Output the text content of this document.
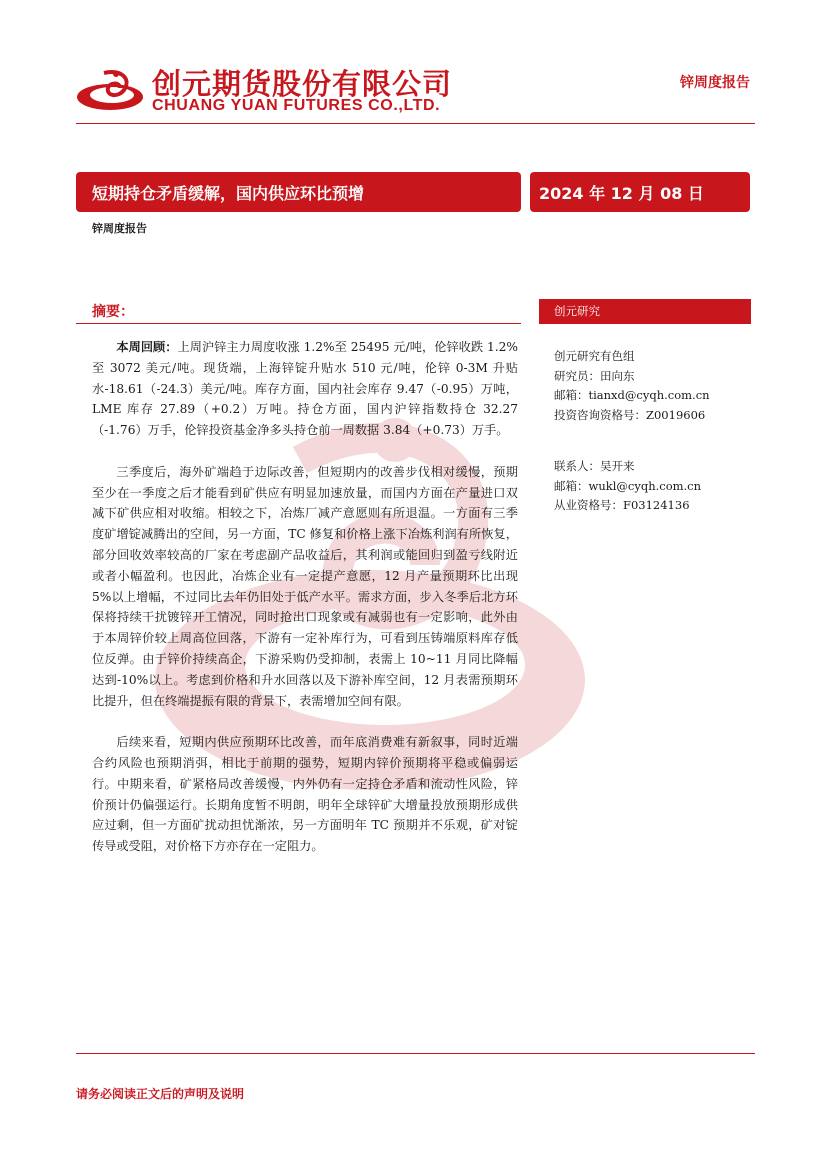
创元期货股份有限公司
CHUANG YUAN FUTURES CO.,LTD.
锌周度报告
短期持仓矛盾缓解，国内供应环比预增	2024 年 12 月 08 日
锌周度报告
摘要：

本周回顾：上周沪锌主力周度收涨 1.2%至 25495 元/吨，伦锌收跌 1.2%至 3072 美元/吨。现货端，上海锌锭升贴水 510 元/吨，伦锌 0-3M 升贴水-18.61（-24.3）美元/吨。库存方面，国内社会库存 9.47（-0.95）万吨，LME 库存 27.89（+0.2）万吨。持仓方面，国内沪锌指数持仓 32.27（-1.76）万手，伦锌投资基金净多头持仓前一周数据 3.84（+0.73）万手。

三季度后，海外矿端趋于边际改善，但短期内的改善步伐相对缓慢，预期至少在一季度之后才能看到矿供应有明显加速放量，而国内方面在产量进口双减下矿供应相对收缩。相较之下，冶炼厂减产意愿则有所退温。一方面有三季度矿增锭减腾出的空间，另一方面，TC 修复和价格上涨下冶炼利润有所恢复，部分回收效率较高的厂家在考虑副产品收益后，其利润或能回归到盈亏线附近或者小幅盈利。也因此，冶炼企业有一定提产意愿，12 月产量预期环比出现 5%以上增幅，不过同比去年仍旧处于低产水平。需求方面，步入冬季后北方环保将持续干扰镀锌开工情况，同时抢出口现象或有减弱也有一定影响，此外由于本周锌价较上周高位回落，下游有一定补库行为，可看到压铸端原料库存低位反弹。由于锌价持续高企，下游采购仍受抑制，表需上 10~11 月同比降幅达到-10%以上。考虑到价格和升水回落以及下游补库空间，12 月表需预期环比提升，但在终端提振有限的背景下，表需增加空间有限。

后续来看，短期内供应预期环比改善，而年底消费难有新叙事，同时近端合约风险也预期消弭，相比于前期的强势，短期内锌价预期将平稳或偏弱运行。中期来看，矿紧格局改善缓慢，内外仍有一定持仓矛盾和流动性风险，锌价预计仍偏强运行。长期角度暂不明朗，明年全球锌矿大增量投放预期形成供应过剩，但一方面矿扰动担忧渐浓，另一方面明年 TC 预期并不乐观，矿对锭传导或受阻，对价格下方亦存在一定阻力。

创元研究
创元研究有色组
研究员：田向东
邮箱：tianxd@cyqh.com.cn
投资咨询资格号：Z0019606
联系人：吴开来
邮箱：wukl@cyqh.com.cn
从业资格号：F03124136
请务必阅读正文后的声明及说明
